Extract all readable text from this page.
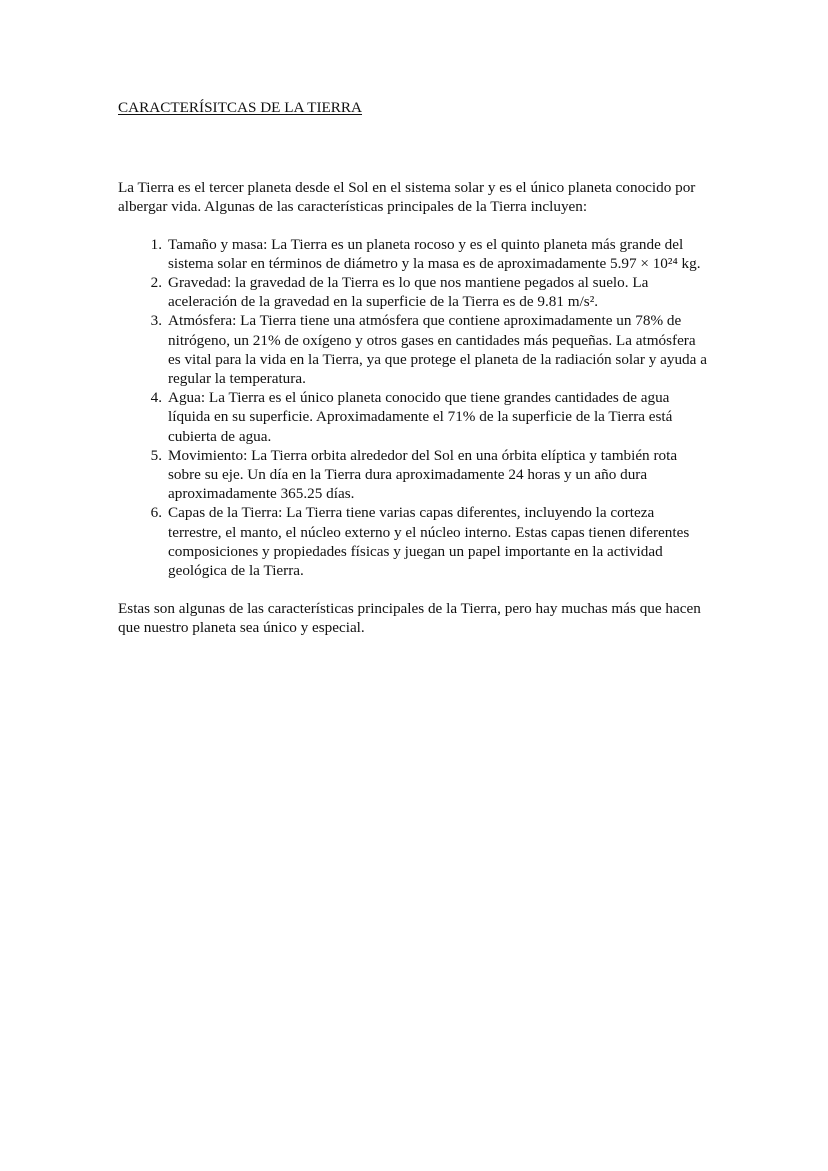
CARACTERÍSITCAS DE LA TIERRA

La Tierra es el tercer planeta desde el Sol en el sistema solar y es el único planeta conocido por albergar vida. Algunas de las características principales de la Tierra incluyen:

1. Tamaño y masa: La Tierra es un planeta rocoso y es el quinto planeta más grande del sistema solar en términos de diámetro y la masa es de aproximadamente 5.97 × 10²⁴ kg.
2. Gravedad: la gravedad de la Tierra es lo que nos mantiene pegados al suelo. La aceleración de la gravedad en la superficie de la Tierra es de 9.81 m/s².
3. Atmósfera: La Tierra tiene una atmósfera que contiene aproximadamente un 78% de nitrógeno, un 21% de oxígeno y otros gases en cantidades más pequeñas. La atmósfera es vital para la vida en la Tierra, ya que protege el planeta de la radiación solar y ayuda a regular la temperatura.
4. Agua: La Tierra es el único planeta conocido que tiene grandes cantidades de agua líquida en su superficie. Aproximadamente el 71% de la superficie de la Tierra está cubierta de agua.
5. Movimiento: La Tierra orbita alrededor del Sol en una órbita elíptica y también rota sobre su eje. Un día en la Tierra dura aproximadamente 24 horas y un año dura aproximadamente 365.25 días.
6. Capas de la Tierra: La Tierra tiene varias capas diferentes, incluyendo la corteza terrestre, el manto, el núcleo externo y el núcleo interno. Estas capas tienen diferentes composiciones y propiedades físicas y juegan un papel importante en la actividad geológica de la Tierra.

Estas son algunas de las características principales de la Tierra, pero hay muchas más que hacen que nuestro planeta sea único y especial.
